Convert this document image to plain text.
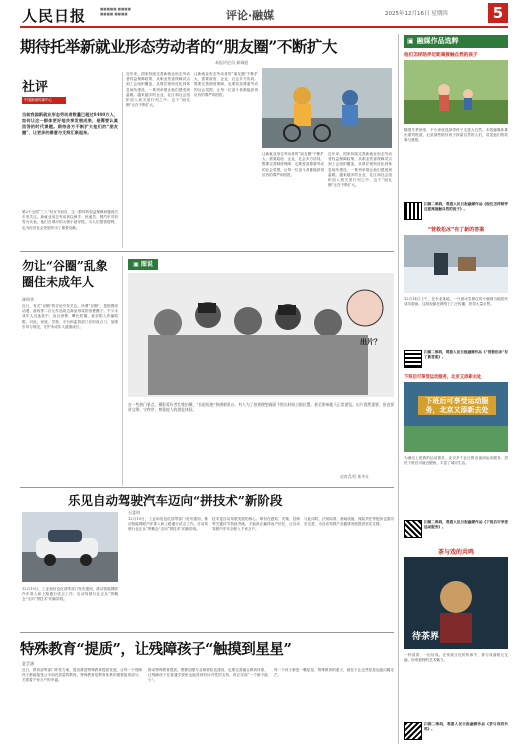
人民日报	■■■■■ ■■■■
■■■■ ■■■■	评论·融媒	2025年12月16日 星期四	5
期待托举新就业形态劳动者的“朋友圈”不断扩大
本报评论员 郝瑞庭
社评
中国新闻传媒中心
当前我国新就业形态劳动者数量已超过8400万人，如何让这一群体更好地共享发展成果，是需要认真回答的时代课题。期待各方不断扩大他们的“朋友圈”，让更多的善意与支持汇聚起来。
第2个全国“三八”妇女节前后，这一群体的权益保障问题再次引发关注。新就业形态劳动者以骑手、快递员、网约车司机等为代表，他们在城市的大街小巷穿梭，为人们提供便利，也为经济社会发展作出了重要贡献。
近年来，国家持续完善新就业形态劳动者权益保障政策，从职业伤害保障试点到工会组织覆盖，从算法规则优化到休息场所建设，一系列举措让他们感受到温暖。越来越多的企业、社区和社会组织加入到关爱行列之中，这个“朋友圈”正在不断扩大。
让新就业形态劳动者的“朋友圈”不断扩大，需要政府、企业、社会多方协同。既要完善制度保障，也要营造尊重劳动的社会氛围，让每一位奋斗者都能获得应有的尊严和回报。
让新就业形态劳动者的“朋友圈”不断扩大，需要政府、企业、社会多方协同。既要完善制度保障，也要营造尊重劳动的社会氛围，让每一位奋斗者都能获得应有的尊严和回报。
近年来，国家持续完善新就业形态劳动者权益保障政策，从职业伤害保障试点到工会组织覆盖，从算法规则优化到休息场所建设，一系列举措让他们感受到温暖。越来越多的企业、社区和社会组织加入到关爱行列之中，这个“朋友圈”正在不断扩大。
勿让“谷圈”乱象圈住未成年人
薄明华
近日，有关“谷圈”的讨论引发关注。所谓“谷圈”，是指围绕动漫、游戏等二次元作品周边商品形成的消费圈子。不少未成年人沉迷其中，盲目消费、攀比炫耀，甚至陷入诈骗陷阱。对此，家庭、学校、平台和监管部门应形成合力，加强引导与规范，守护未成年人健康成长。
▣ 图说
出片？
在一些热门景点，摄影爱好者扎堆拍摄，“长枪短炮”挤满观景台，有人为了拍到理想画面不惜长时间占据位置，甚至影响他人正常游览。出片固然重要，但也要讲文明、守秩序，尊重他人的游览体验。
赵春青/绘 新华社
乐见自动驾驶汽车迈向“拼技术”新阶段
石睿明
12月15日，工业和信息化部等部门发布通知，推动智能网联汽车准入和上路通行试点工作。自动驾驶行业正从“拼概念”走向“拼技术”的新阶段。
技术是自动驾驶发展的核心。唯有在感知、决策、控制等关键环节持续突破，才能真正赢得用户信任，让自动驾驶汽车安全驶入千家万户。
与此同时，法规标准、基础设施、保险责任等配套也需同步完善，为自动驾驶产业健康发展提供坚实支撑。
12月15日，工业和信息化部等部门发布通知，推动智能网联汽车准入和上路通行试点工作。自动驾驶行业正从“拼概念”走向“拼技术”的新阶段。
特殊教育“提质”，让残障孩子“触摸到星星”
夏芸涵
近日，教育部等部门印发方案，提出推进特殊教育提质发展，让每一个残障孩子都能接受公平而有质量的教育。特殊教育是教育体系的重要组成部分，关系着千家万户的幸福。
推动特殊教育提质，既要加强专业师资队伍建设，也要完善融合教育体系，让残障孩子在普通学校里也能得到有针对性的支持，真正实现“一个都不能少”。
每一个孩子都是一颗星星，特殊教育的意义，就在于让这些星星也能闪耀光芒。
▣ 融媒作品选粹
他们怎样陪伴近距离接触自然的孩子
随着冬季到来，不少家庭选择带孩子走进大自然。本报融媒体推出系列报道，记录那些陪伴孩子探索自然的人们，讲述他们的故事与感悟。
扫描二维码，观看人民日报融媒作品《他们怎样陪伴近距离接触自然的孩子》。
“营救松冰”有了新的答案
12月14日上午，在东北某地，一只被冰雪困住的小鹿被当地居民成功救助。这段视频在网络上广泛传播，获得大量点赞。
扫描二维码，观看人民日报融媒作品《“营救松冰”有了新答案》。
下班后可享受运动服务，北京又添新去处
下班后可享受运动服务，北京又添新去处
为满足上班族的运动需求，北京多个社区推出夜间运动服务，居民下班后可就近锻炼，丰富了城市生活。
扫描二维码，观看人民日报融媒作品《下班后可享受运动服务》。
茶与戏的共鸣
待茶界
一杯清茶，一出好戏。在传统文化的传承中，茶与戏曲相互交融，形成独特的艺术魅力。
扫描二维码，观看人民日报融媒作品《茶与戏的共鸣》。
